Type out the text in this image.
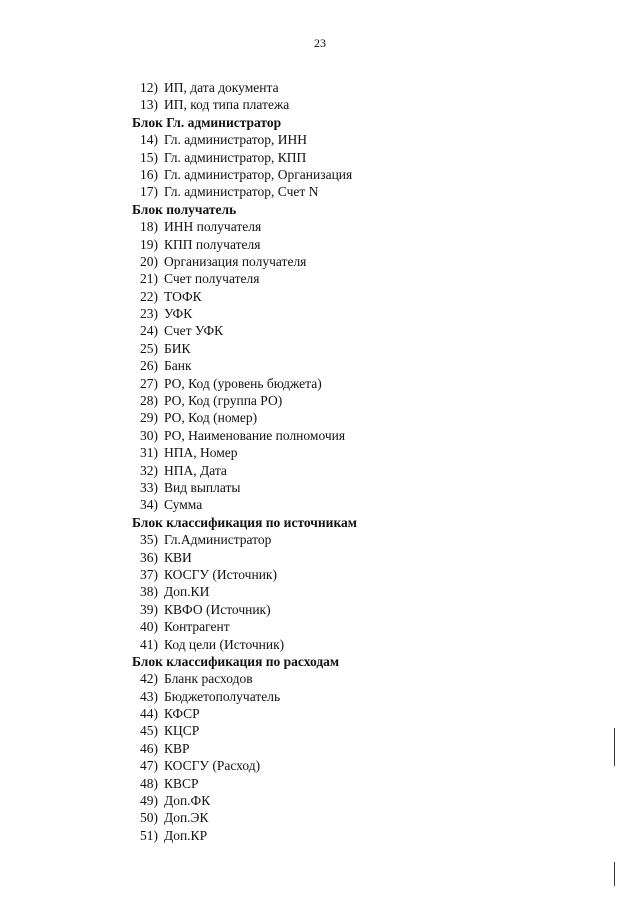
23
12) ИП, дата документа
13) ИП, код типа платежа
Блок Гл. администратор
14) Гл. администратор, ИНН
15) Гл. администратор, КПП
16) Гл. администратор, Организация
17) Гл. администратор, Счет N
Блок получатель
18) ИНН получателя
19) КПП получателя
20) Организация получателя
21) Счет получателя
22) ТОФК
23) УФК
24) Счет УФК
25) БИК
26) Банк
27) РО, Код (уровень бюджета)
28) РО, Код (группа РО)
29) РО, Код (номер)
30) РО, Наименование полномочия
31) НПА, Номер
32) НПА, Дата
33) Вид выплаты
34) Сумма
Блок классификация по источникам
35) Гл.Администратор
36) КВИ
37) КОСГУ (Источник)
38) Доп.КИ
39) КВФО (Источник)
40) Контрагент
41) Код цели (Источник)
Блок классификация по расходам
42) Бланк расходов
43) Бюджетополучатель
44) КФСР
45) КЦСР
46) КВР
47) КОСГУ (Расход)
48) КВСР
49) Доп.ФК
50) Доп.ЭК
51) Доп.КР
